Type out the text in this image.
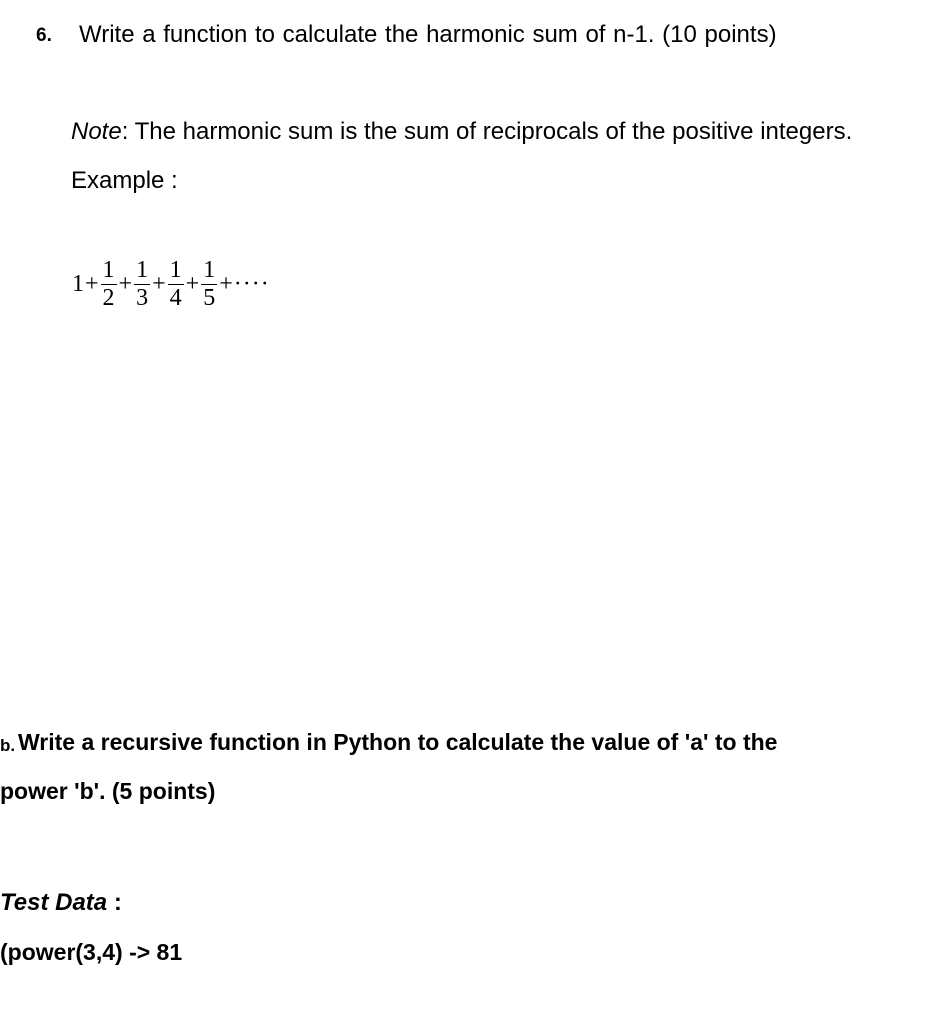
6. Write a function to calculate the harmonic sum of n-1. (10 points)
Note: The harmonic sum is the sum of reciprocals of the positive integers.
Example :
$1 + \frac{1}{2} + \frac{1}{3} + \frac{1}{4} + \frac{1}{5}$ + ····
b. Write a recursive function in Python to calculate the value of 'a' to the
power 'b'. (5 points)
Test Data :
(power(3,4) -> 81
